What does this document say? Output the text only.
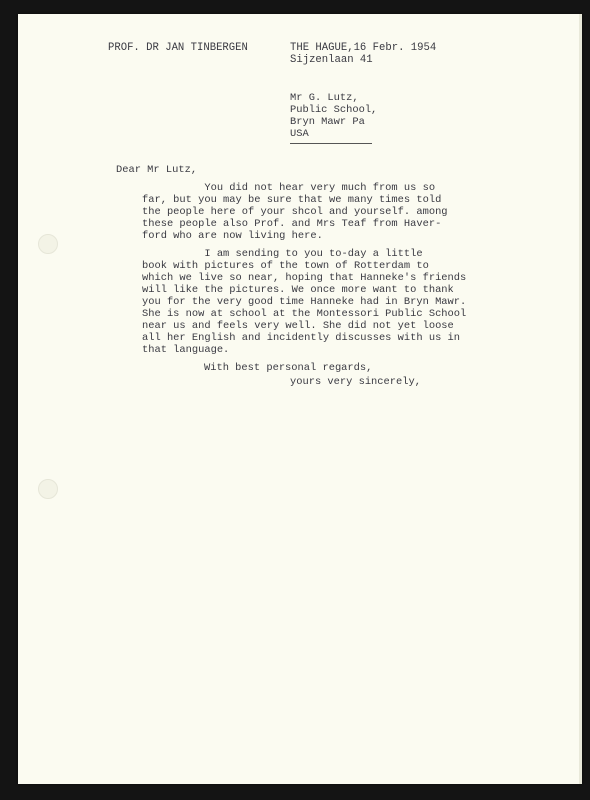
PROF. DR JAN TINBERGEN	THE HAGUE,16 Febr. 1954
Sijzenlaan 41
Mr G. Lutz,
Public School,
Bryn Mawr Pa
USA
Dear Mr Lutz,
You did not hear very much from us so
far, but you may be sure that we many times told
the people here of your shcol and yourself. among
these people also Prof. and Mrs Teaf from Haver-
ford who are now living here.
I am sending to you to-day a little
book with pictures of the town of Rotterdam to
which we live so near, hoping that Hanneke's friends
will like the pictures. We once more want to thank
you for the very good time Hanneke had in Bryn Mawr.
She is now at school at the Montessori Public School
near us and feels very well. She did not yet loose
all her English and incidently discusses with us in
that language.
With best personal regards,
yours very sincerely,
